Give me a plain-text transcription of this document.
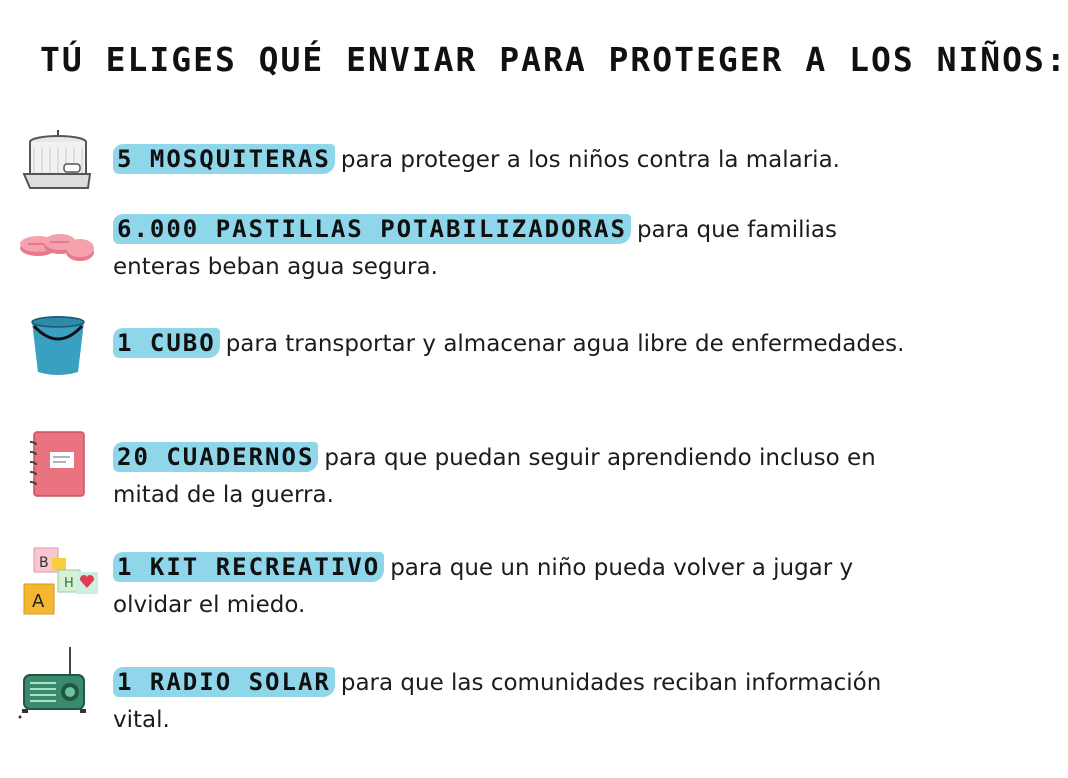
TÚ ELIGES QUÉ ENVIAR PARA PROTEGER A LOS NIÑOS:
5 MOSQUITERAS para proteger a los niños contra la malaria.
6.000 PASTILLAS POTABILIZADORAS para que familias enteras beban agua segura.
1 CUBO para transportar y almacenar agua libre de enfermedades.
20 CUADERNOS para que puedan seguir aprendiendo incluso en mitad de la guerra.
B
H
A
1 KIT RECREATIVO para que un niño pueda volver a jugar y olvidar el miedo.
1 RADIO SOLAR para que las comunidades reciban información vital.
